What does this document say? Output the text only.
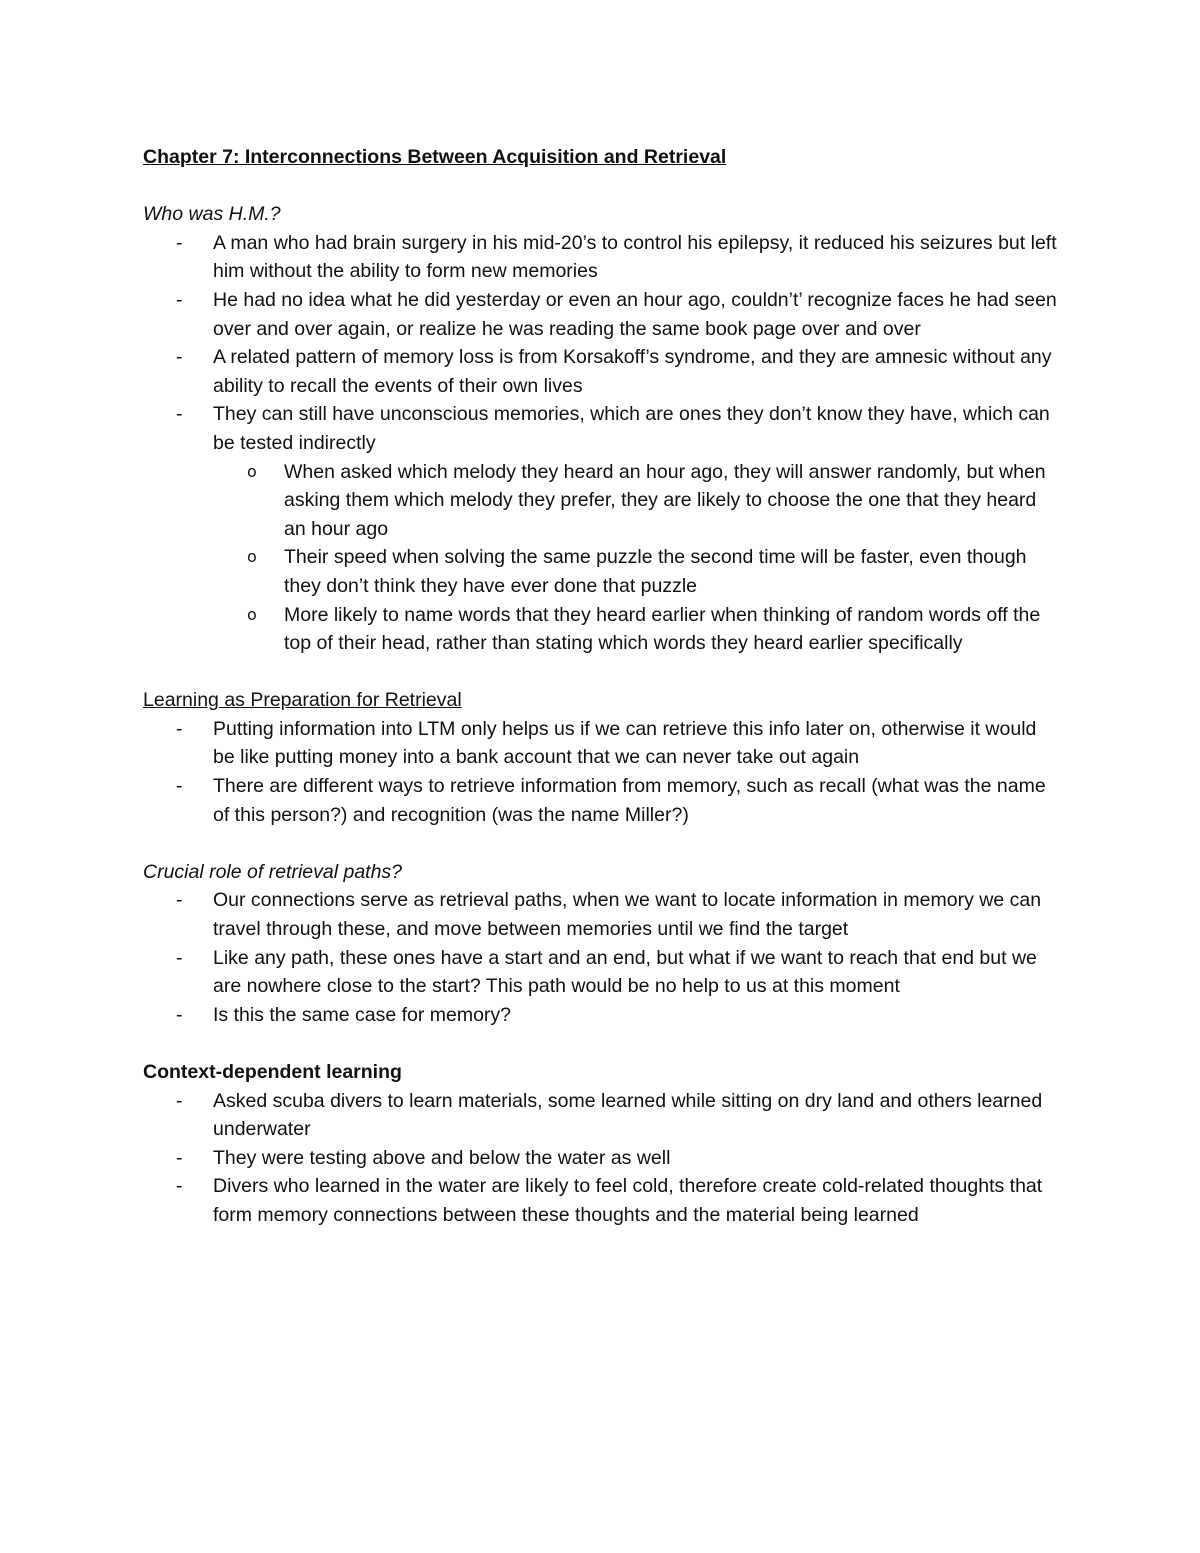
Chapter 7: Interconnections Between Acquisition and Retrieval
Who was H.M.?
- A man who had brain surgery in his mid-20’s to control his epilepsy, it reduced his seizures but left him without the ability to form new memories
- He had no idea what he did yesterday or even an hour ago, couldn’t’ recognize faces he had seen over and over again, or realize he was reading the same book page over and over
- A related pattern of memory loss is from Korsakoff’s syndrome, and they are amnesic without any ability to recall the events of their own lives
- They can still have unconscious memories, which are ones they don’t know they have, which can be tested indirectly
o When asked which melody they heard an hour ago, they will answer randomly, but when asking them which melody they prefer, they are likely to choose the one that they heard an hour ago
o Their speed when solving the same puzzle the second time will be faster, even though they don’t think they have ever done that puzzle
o More likely to name words that they heard earlier when thinking of random words off the top of their head, rather than stating which words they heard earlier specifically
Learning as Preparation for Retrieval
- Putting information into LTM only helps us if we can retrieve this info later on, otherwise it would be like putting money into a bank account that we can never take out again
- There are different ways to retrieve information from memory, such as recall (what was the name of this person?) and recognition (was the name Miller?)
Crucial role of retrieval paths?
- Our connections serve as retrieval paths, when we want to locate information in memory we can travel through these, and move between memories until we find the target
- Like any path, these ones have a start and an end, but what if we want to reach that end but we are nowhere close to the start? This path would be no help to us at this moment
- Is this the same case for memory?
Context-dependent learning
- Asked scuba divers to learn materials, some learned while sitting on dry land and others learned underwater
- They were testing above and below the water as well
- Divers who learned in the water are likely to feel cold, therefore create cold-related thoughts that form memory connections between these thoughts and the material being learned
